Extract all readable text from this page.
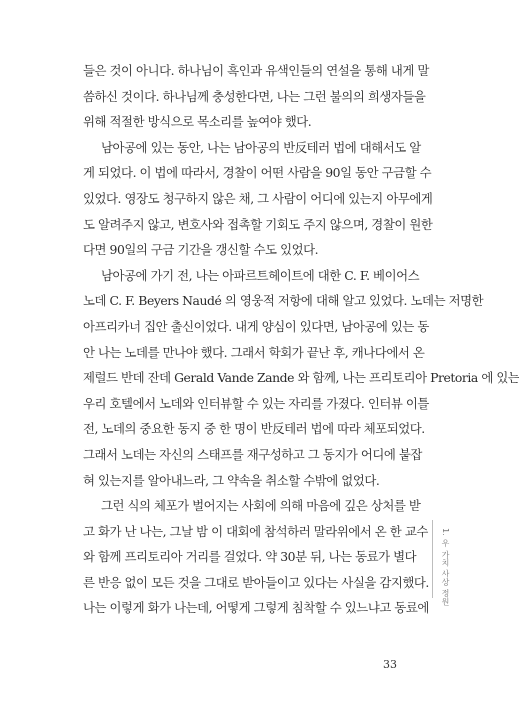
들은 것이 아니다. 하나님이 흑인과 유색인들의 연설을 통해 내게 말
씀하신 것이다. 하나님께 충성한다면, 나는 그런 불의의 희생자들을
위해 적절한 방식으로 목소리를 높여야 했다.
남아공에 있는 동안, 나는 남아공의 반反테러 법에 대해서도 알
게 되었다. 이 법에 따라서, 경찰이 어떤 사람을 90일 동안 구금할 수
있었다. 영장도 청구하지 않은 채, 그 사람이 어디에 있는지 아무에게
도 알려주지 않고, 변호사와 접촉할 기회도 주지 않으며, 경찰이 원한
다면 90일의 구금 기간을 갱신할 수도 있었다.
남아공에 가기 전, 나는 아파르트헤이트에 대한 C. F. 베이어스
노데 C. F. Beyers Naudé 의 영웅적 저항에 대해 알고 있었다. 노데는 저명한
아프리카너 집안 출신이었다. 내게 양심이 있다면, 남아공에 있는 동
안 나는 노데를 만나야 했다. 그래서 학회가 끝난 후, 캐나다에서 온
제럴드 반데 잔데 Gerald Vande Zande 와 함께, 나는 프리토리아 Pretoria 에 있는
우리 호텔에서 노데와 인터뷰할 수 있는 자리를 가졌다. 인터뷰 이틀
전, 노데의 중요한 동지 중 한 명이 반反테러 법에 따라 체포되었다.
그래서 노데는 자신의 스태프를 재구성하고 그 동지가 어디에 붙잡
혀 있는지를 알아내느라, 그 약속을 취소할 수밖에 없었다.
그런 식의 체포가 벌어지는 사회에 의해 마음에 깊은 상처를 받
고 화가 난 나는, 그날 밤 이 대회에 참석하러 말라위에서 온 한 교수
와 함께 프리토리아 거리를 걸었다. 약 30분 뒤, 나는 동료가 별다
른 반응 없이 모든 것을 그대로 받아들이고 있다는 사실을 감지했다.
나는 이렇게 화가 나는데, 어떻게 그렇게 침착할 수 있느냐고 동료에
1. 우 가치 사상 정원
33
